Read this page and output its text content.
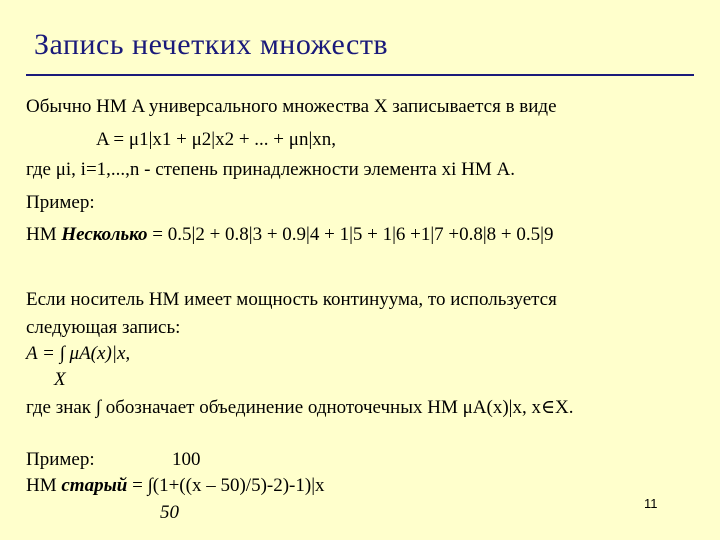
Запись нечетких множеств
Обычно НМ A универсального множества X записывается в виде
A = μ1|x1 + μ2|x2 + ... + μn|xn,
где μi, i=1,...,n - степень принадлежности элемента xi НМ A.
Пример:
НМ Несколько = 0.5|2 + 0.8|3 + 0.9|4 + 1|5 + 1|6 +1|7 +0.8|8 + 0.5|9
Если носитель НМ имеет мощность континуума, то используется
следующая запись:
A = ∫ μA(x)|x,
X
где знак ∫ обозначает объединение одноточечных НМ μA(x)|x, x∈X.
Пример:	100
НМ старый = ∫(1+((x – 50)/5)-2)-1)|x
50	11
